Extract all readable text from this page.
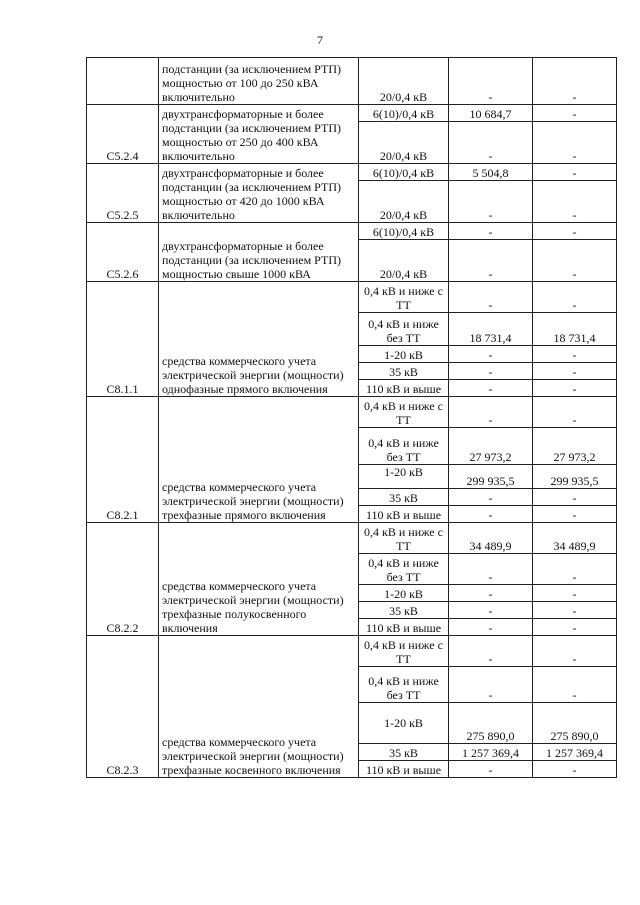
7
	подстанции (за исключением РТП) мощностью от 100 до 250 кВА включительно	20/0,4 кВ	-	-
С5.2.4	двухтрансформаторные и более подстанции (за исключением РТП) мощностью от 250 до 400 кВА включительно	6(10)/0,4 кВ	10 684,7	-
		20/0,4 кВ	-	-
С5.2.5	двухтрансформаторные и более подстанции (за исключением РТП) мощностью от 420 до 1000 кВА включительно	6(10)/0,4 кВ	5 504,8	-
		20/0,4 кВ	-	-
С5.2.6	двухтрансформаторные и более подстанции (за исключением РТП) мощностью свыше 1000 кВА	6(10)/0,4 кВ	-	-
		20/0,4 кВ	-	-
С8.1.1	средства коммерческого учета электрической энергии (мощности) однофазные прямого включения	0,4 кВ и ниже с ТТ	-	-
		0,4 кВ и ниже без ТТ	18 731,4	18 731,4
		1-20 кВ	-	-
		35 кВ	-	-
		110 кВ и выше	-	-
С8.2.1	средства коммерческого учета электрической энергии (мощности) трехфазные прямого включения	0,4 кВ и ниже с ТТ	-	-
		0,4 кВ и ниже без ТТ	27 973,2	27 973,2
		1-20 кВ	299 935,5	299 935,5
		35 кВ	-	-
		110 кВ и выше	-	-
С8.2.2	средства коммерческого учета электрической энергии (мощности) трехфазные полукосвенного включения	0,4 кВ и ниже с ТТ	34 489,9	34 489,9
		0,4 кВ и ниже без ТТ	-	-
		1-20 кВ	-	-
		35 кВ	-	-
		110 кВ и выше	-	-
С8.2.3	средства коммерческого учета электрической энергии (мощности) трехфазные косвенного включения	0,4 кВ и ниже с ТТ	-	-
		0,4 кВ и ниже без ТТ	-	-
		1-20 кВ	275 890,0	275 890,0
		35 кВ	1 257 369,4	1 257 369,4
		110 кВ и выше	-	-
